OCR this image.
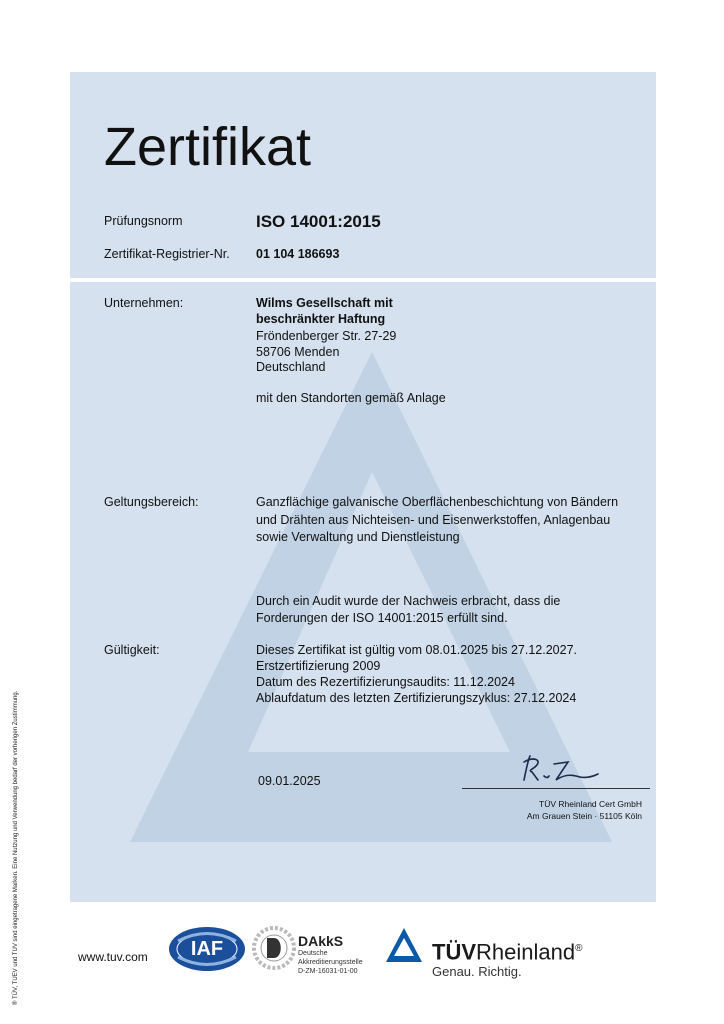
Zertifikat
Prüfungsnorm	ISO 14001:2015
Zertifikat-Registrier-Nr. 01 104 186693
Unternehmen:	Wilms Gesellschaft mit
beschränkter Haftung
Fröndenberger Str. 27-29
58706 Menden
Deutschland
mit den Standorten gemäß Anlage
Geltungsbereich:	Ganzflächige galvanische Oberflächenbeschichtung von Bändern
und Drähten aus Nichteisen- und Eisenwerkstoffen, Anlagenbau
sowie Verwaltung und Dienstleistung
Durch ein Audit wurde der Nachweis erbracht, dass die
Forderungen der ISO 14001:2015 erfüllt sind.
Gültigkeit:	Dieses Zertifikat ist gültig vom 08.01.2025 bis 27.12.2027.
Erstzertifizierung 2009
Datum des Rezertifizierungsaudits: 11.12.2024
Ablaufdatum des letzten Zertifizierungszyklus: 27.12.2024
09.01.2025
TÜV Rheinland Cert GmbH
Am Grauen Stein · 51105 Köln
® TÜV, TUEV und TUV sind eingetragene Marken. Eine Nutzung und Verwendung bedarf der vorherigen Zustimmung.	www.tuv.com	IAF	DAkkS
Deutsche
Akkreditierungsstelle
D-ZM-16031-01-00
TÜVRheinland®
Genau. Richtig.
